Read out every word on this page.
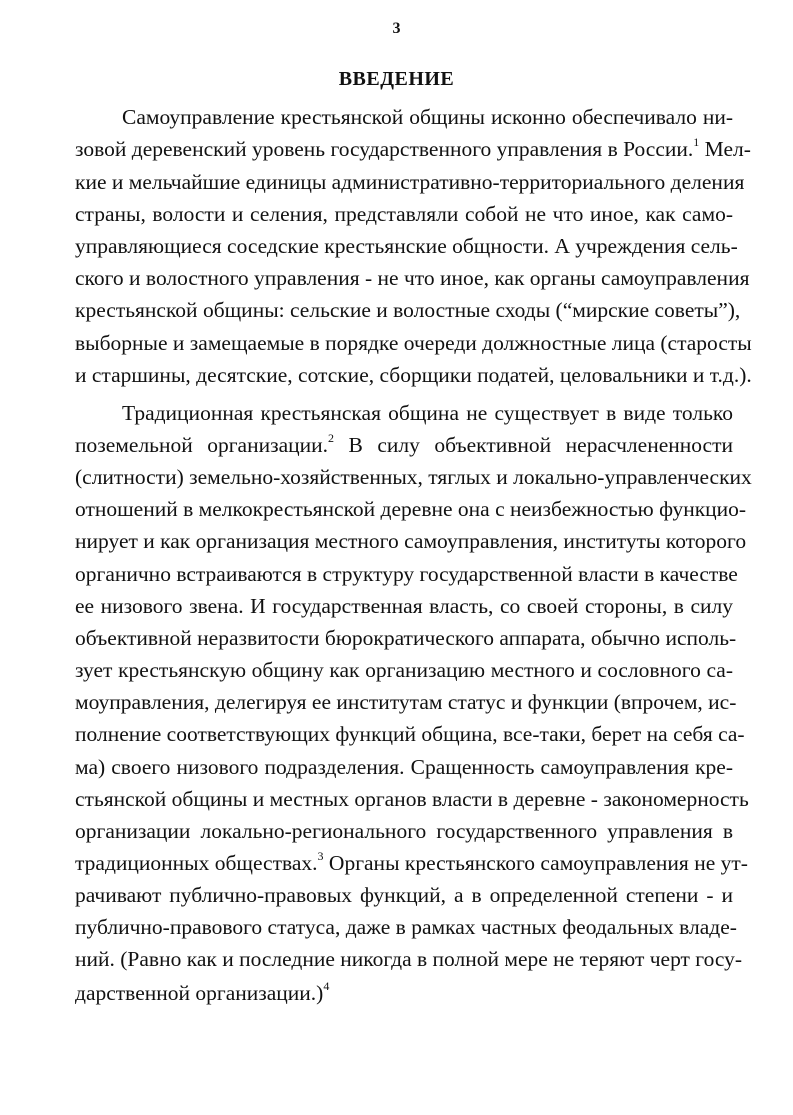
3
ВВЕДЕНИЕ
Самоуправление крестьянской общины исконно обеспечивало ни-
зовой деревенский уровень государственного управления в России.$^1$ Мел-
кие и мельчайшие единицы административно-территориального деления
страны, волости и селения, представляли собой не что иное, как само-
управляющиеся соседские крестьянские общности. А учреждения сель-
ского и волостного управления - не что иное, как органы самоуправления
крестьянской общины: сельские и волостные сходы (“мирские советы”),
выборные и замещаемые в порядке очереди должностные лица (старосты
и старшины, десятские, сотские, сборщики податей, целовальники и т.д.).
Традиционная крестьянская община не существует в виде только
поземельной организации.$^2$ В силу объективной нерасчлененности
(слитности) земельно-хозяйственных, тяглых и локально-управленческих
отношений в мелкокрестьянской деревне она с неизбежностью функцио-
нирует и как организация местного самоуправления, институты которого
органично встраиваются в структуру государственной власти в качестве
ее низового звена. И государственная власть, со своей стороны, в силу
объективной неразвитости бюрократического аппарата, обычно исполь-
зует крестьянскую общину как организацию местного и сословного са-
моуправления, делегируя ее институтам статус и функции (впрочем, ис-
полнение соответствующих функций община, все-таки, берет на себя са-
ма) своего низового подразделения. Сращенность самоуправления кре-
стьянской общины и местных органов власти в деревне - закономерность
организации локально-регионального государственного управления в
традиционных обществах.$^3$ Органы крестьянского самоуправления не ут-
рачивают публично-правовых функций, а в определенной степени - и
публично-правового статуса, даже в рамках частных феодальных владе-
ний. (Равно как и последние никогда в полной мере не теряют черт госу-
дарственной организации.)$^4$
